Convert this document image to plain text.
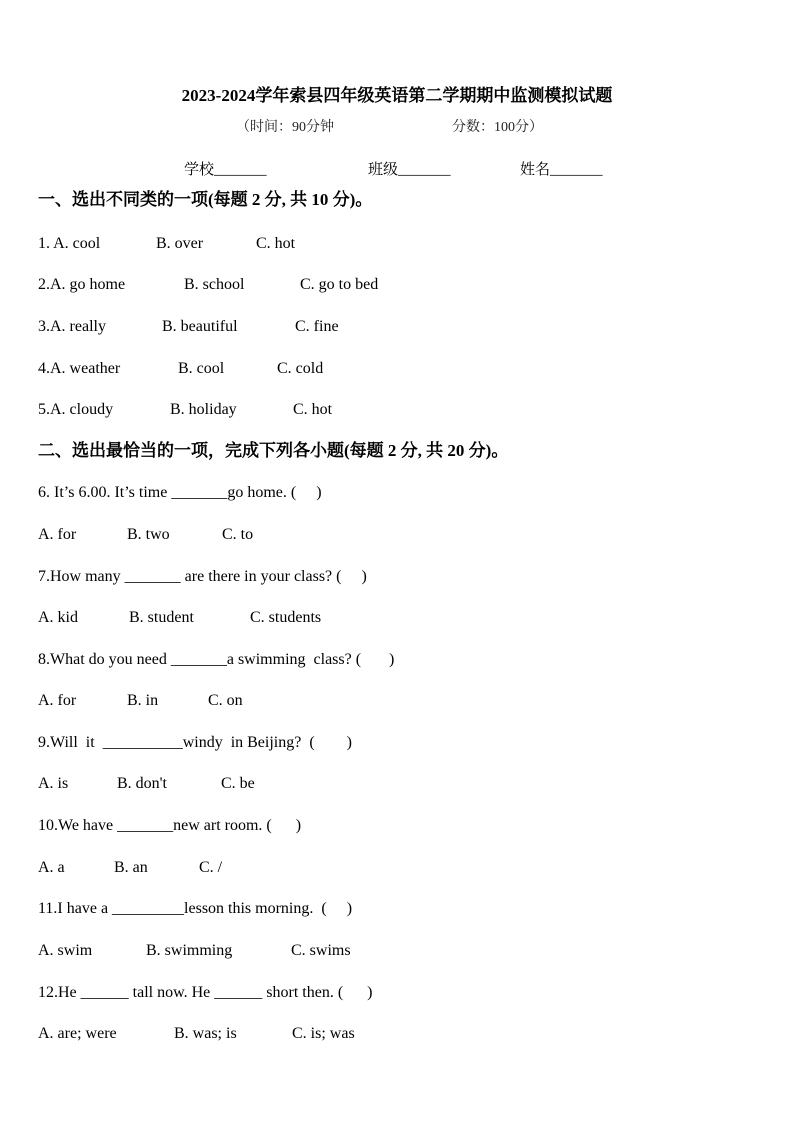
2023-2024学年索县四年级英语第二学期期中监测模拟试题
（时间：90分钟	分数：100分）
学校_______	班级_______	姓名_______
一、选出不同类的一项(每题 2 分, 共 10 分)。
1. A. cool	B. over	C. hot
2.A. go home	B. school	C. go to bed
3.A. really	B. beautiful	C. fine
4.A. weather	B. cool	C. cold
5.A. cloudy	B. holiday	C. hot
二、选出最恰当的一项，完成下列各小题(每题 2 分, 共 20 分)。
6. It’s 6.00. It’s time _______go home. (     )
A. for	B. two	C. to
7.How many _______ are there in your class? (     )
A. kid	B. student	C. students
8.What do you need _______a swimming  class? (       )
A. for	B. in	C. on
9.Will  it  __________windy  in Beijing?  (        )
A. is	B. don't	C. be
10.We have _______new art room. (      )
A. a	B. an	C. /
11.I have a _________lesson this morning.  (     )
A. swim	B. swimming	C. swims
12.He ______ tall now. He ______ short then. (      )
A. are; were	B. was; is	C. is; was
